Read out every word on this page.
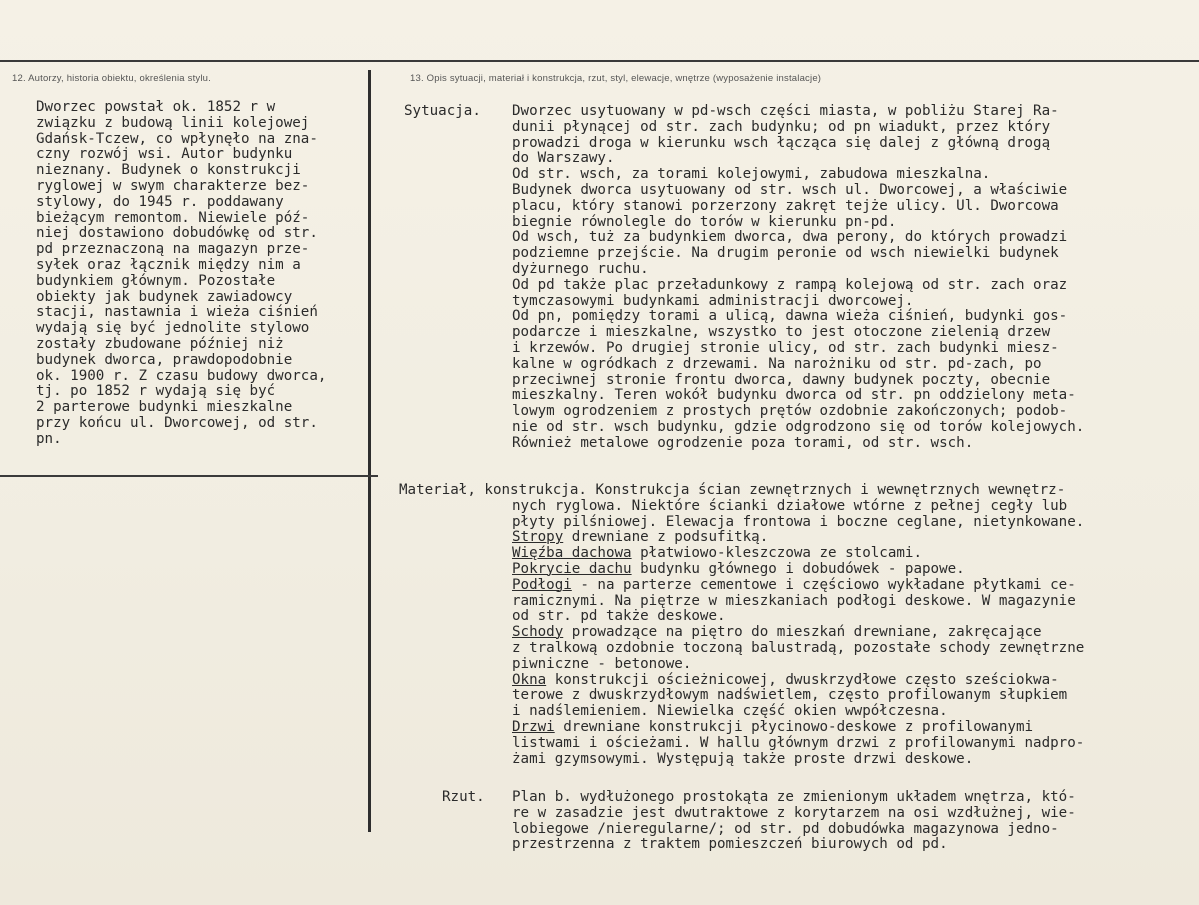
12. Autorzy, historia obiektu, określenia stylu.	13. Opis sytuacji, materiał i konstrukcja, rzut, styl, elewacje, wnętrze (wyposażenie instalacje)
Dworzec powstał ok. 1852 r w
związku z budową linii kolejowej
Gdańsk-Tczew, co wpłynęło na zna-
czny rozwój wsi. Autor budynku
nieznany. Budynek o konstrukcji
ryglowej w swym charakterze bez-
stylowy, do 1945 r. poddawany
bieżącym remontom. Niewiele póź-
niej dostawiono dobudówkę od str.
pd przeznaczoną na magazyn prze-
syłek oraz łącznik między nim a
budynkiem głównym. Pozostałe
obiekty jak budynek zawiadowcy
stacji, nastawnia i wieża ciśnień
wydają się być jednolite stylowo
zostały zbudowane później niż
budynek dworca, prawdopodobnie
ok. 1900 r. Z czasu budowy dworca,
tj. po 1852 r wydają się być
2 parterowe budynki mieszkalne
przy końcu ul. Dworcowej, od str.
pn.
Sytuacja. Dworzec usytuowany w pd-wsch części miasta, w pobliżu Starej Ra-
dunii płynącej od str. zach budynku; od pn wiadukt, przez który
prowadzi droga w kierunku wsch łącząca się dalej z główną drogą
do Warszawy.
Od str. wsch, za torami kolejowymi, zabudowa mieszkalna.
Budynek dworca usytuowany od str. wsch ul. Dworcowej, a właściwie
placu, który stanowi porzerzony zakręt tejże ulicy. Ul. Dworcowa
biegnie równolegle do torów w kierunku pn-pd.
Od wsch, tuż za budynkiem dworca, dwa perony, do których prowadzi
podziemne przejście. Na drugim peronie od wsch niewielki budynek
dyżurnego ruchu.
Od pd także plac przeładunkowy z rampą kolejową od str. zach oraz
tymczasowymi budynkami administracji dworcowej.
Od pn, pomiędzy torami a ulicą, dawna wieża ciśnień, budynki gos-
podarcze i mieszkalne, wszystko to jest otoczone zielenią drzew
i krzewów. Po drugiej stronie ulicy, od str. zach budynki miesz-
kalne w ogródkach z drzewami. Na narożniku od str. pd-zach, po
przeciwnej stronie frontu dworca, dawny budynek poczty, obecnie
mieszkalny. Teren wokół budynku dworca od str. pn oddzielony meta-
lowym ogrodzeniem z prostych prętów ozdobnie zakończonych; podob-
nie od str. wsch budynku, gdzie odgrodzono się od torów kolejowych.
Również metalowe ogrodzenie poza torami, od str. wsch.
Materiał, konstrukcja. Konstrukcja ścian zewnętrznych i wewnętrznych wewnętrz-
nych ryglowa. Niektóre ścianki działowe wtórne z pełnej cegły lub
płyty pilśniowej. Elewacja frontowa i boczne ceglane, nietynkowane.
Stropy drewniane z podsufitką.
Więźba dachowa płatwiowo-kleszczowa ze stolcami.
Pokrycie dachu budynku głównego i dobudówek - papowe.
Podłogi - na parterze cementowe i częściowo wykładane płytkami ce-
ramicznymi. Na piętrze w mieszkaniach podłogi deskowe. W magazynie
od str. pd także deskowe.
Schody prowadzące na piętro do mieszkań drewniane, zakręcające
z tralkową ozdobnie toczoną balustradą, pozostałe schody zewnętrzne
piwniczne - betonowe.
Okna konstrukcji ościeżnicowej, dwuskrzydłowe często sześciokwa-
terowe z dwuskrzydłowym nadświetlem, często profilowanym słupkiem
i nadślemieniem. Niewielka część okien wwpółczesna.
Drzwi drewniane konstrukcji płycinowo-deskowe z profilowanymi
listwami i ościeżami. W hallu głównym drzwi z profilowanymi nadpro-
żami gzymsowymi. Występują także proste drzwi deskowe.
Rzut. Plan b. wydłużonego prostokąta ze zmienionym układem wnętrza, któ-
re w zasadzie jest dwutraktowe z korytarzem na osi wzdłużnej, wie-
lobiegowe /nieregularne/; od str. pd dobudówka magazynowa jedno-
przestrzenna z traktem pomieszczeń biurowych od pd.
